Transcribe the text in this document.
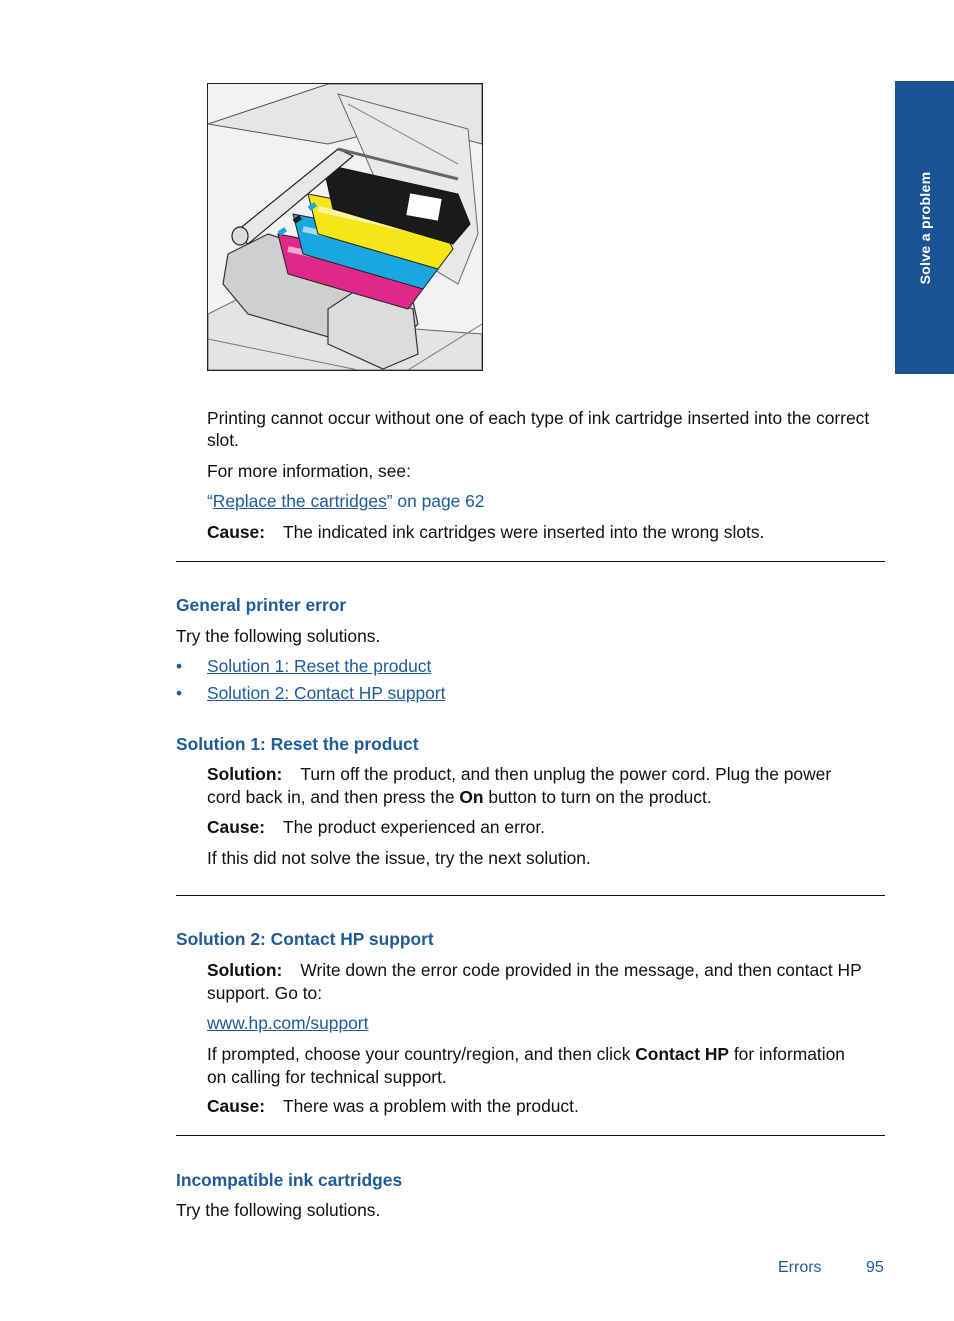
Solve a problem
Printing cannot occur without one of each type of ink cartridge inserted into the correct
slot.
For more information, see:
“Replace the cartridges” on page 62
Cause: The indicated ink cartridges were inserted into the wrong slots.
General printer error
Try the following solutions.
• Solution 1: Reset the product
• Solution 2: Contact HP support
Solution 1: Reset the product
Solution: Turn off the product, and then unplug the power cord. Plug the power
cord back in, and then press the On button to turn on the product.
Cause: The product experienced an error.
If this did not solve the issue, try the next solution.
Solution 2: Contact HP support
Solution: Write down the error code provided in the message, and then contact HP
support. Go to:
www.hp.com/support
If prompted, choose your country/region, and then click Contact HP for information
on calling for technical support.
Cause: There was a problem with the product.
Incompatible ink cartridges
Try the following solutions.
Errors	95
